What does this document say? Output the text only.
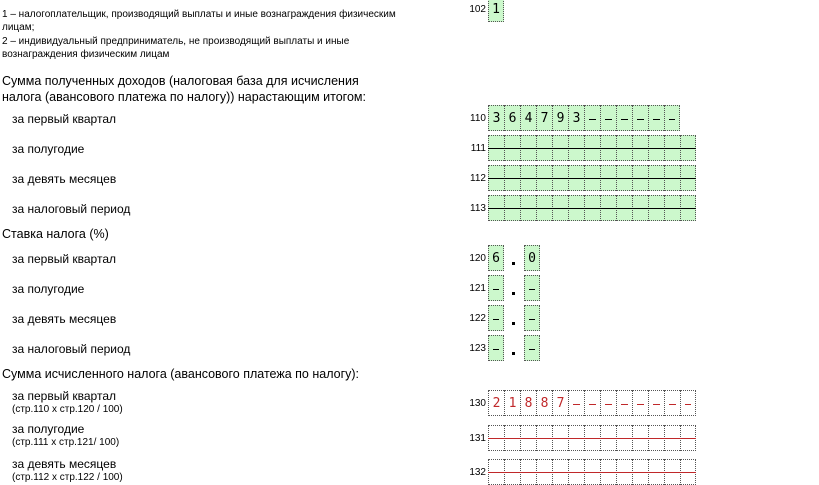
1 – налогоплательщик, производящий выплаты и иные вознаграждения физическим
лицам;
2 – индивидуальный предприниматель, не производящий выплаты и иные
вознаграждения физическим лицам
102 1
Сумма полученных доходов (налоговая база для исчисления
налога (авансового платежа по налогу)) нарастающим итогом:
за первый квартал	110 3 6 4 7 9 3
за полугодие	111
за девять месяцев	112
за налоговый период	113
Ставка налога (%)
за первый квартал	120 6	0
за полугодие	121
за девять месяцев	122
за налоговый период	123
Сумма исчисленного налога (авансового платежа по налогу):
за первый квартал
(стр.110 х стр.120 / 100)
130 2 1 8 8 7
за полугодие
(стр.111 х стр.121/ 100)	131
за девять месяцев
(стр.112 х стр.122 / 100)	132
